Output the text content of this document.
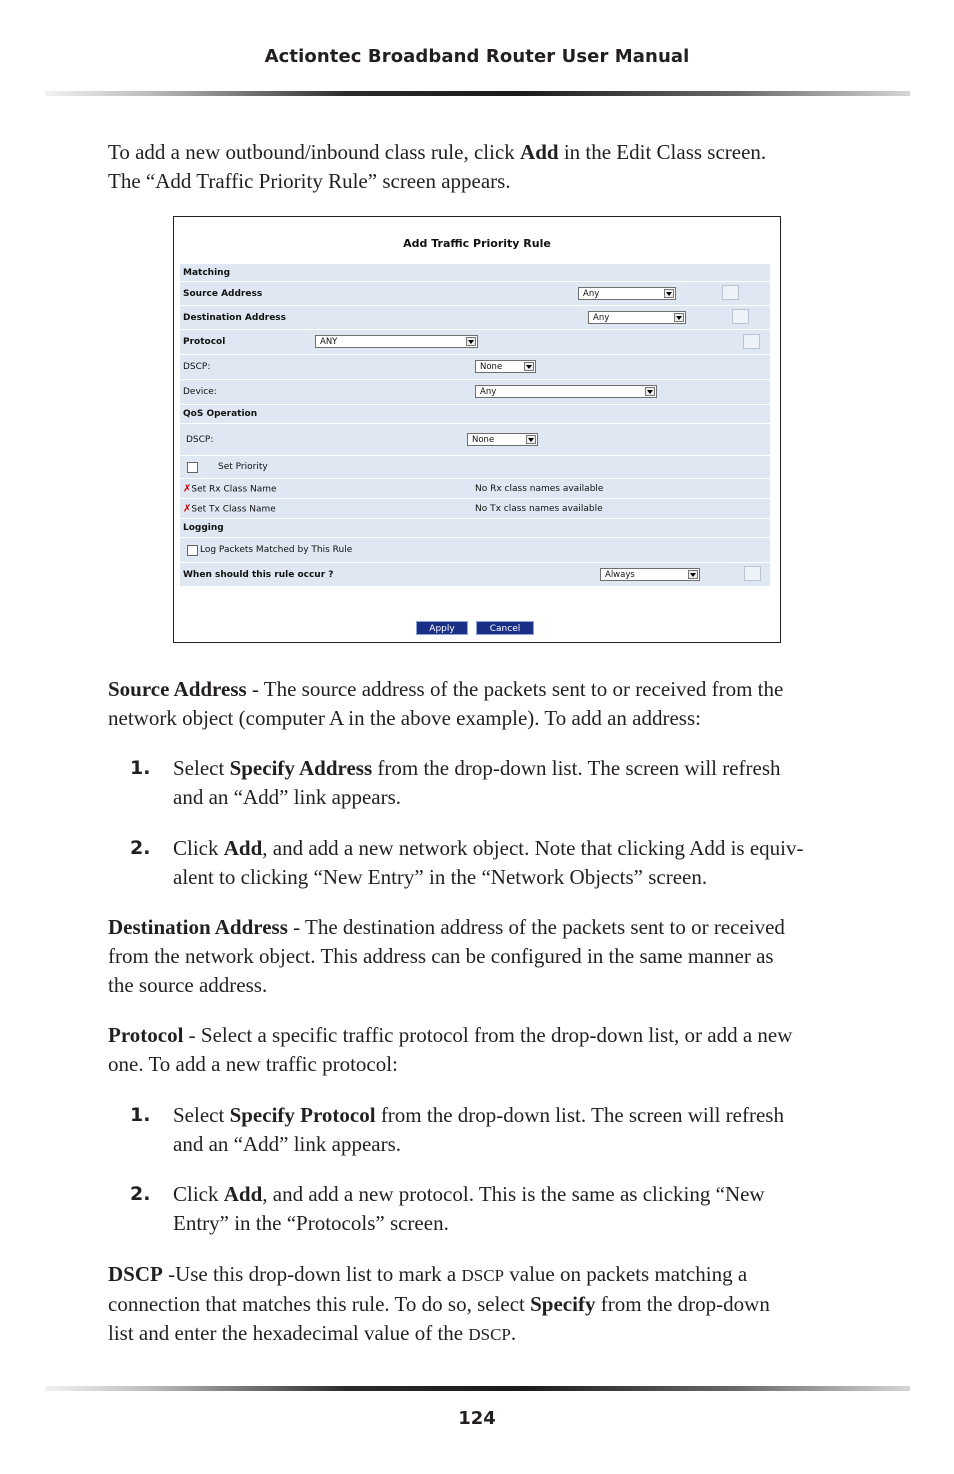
Actiontec Broadband Router User Manual

To add a new outbound/inbound class rule, click Add in the Edit Class screen.
The “Add Traffic Priority Rule” screen appears.

Add Traffic Priority Rule
Matching
Source Address	Any
Destination Address	Any
Protocol	ANY
DSCP:	None
Device:	Any
QoS Operation
DSCP:	None
Set Priority
✗Set Rx Class Name	No Rx class names available
✗Set Tx Class Name	No Tx class names available
Logging
Log Packets Matched by This Rule
When should this rule occur ?	Always
Apply	Cancel

Source Address - The source address of the packets sent to or received from the
network object (computer A in the above example). To add an address:

1. Select Specify Address from the drop-down list. The screen will refresh
and an “Add” link appears.
2. Click Add, and add a new network object. Note that clicking Add is equiv-
alent to clicking “New Entry” in the “Network Objects” screen.

Destination Address - The destination address of the packets sent to or received
from the network object. This address can be configured in the same manner as
the source address.

Protocol - Select a specific traffic protocol from the drop-down list, or add a new
one. To add a new traffic protocol:

1. Select Specify Protocol from the drop-down list. The screen will refresh
and an “Add” link appears.
2. Click Add, and add a new protocol. This is the same as clicking “New
Entry” in the “Protocols” screen.

DSCP -Use this drop-down list to mark a DSCP value on packets matching a
connection that matches this rule. To do so, select Specify from the drop-down
list and enter the hexadecimal value of the DSCP.

124
